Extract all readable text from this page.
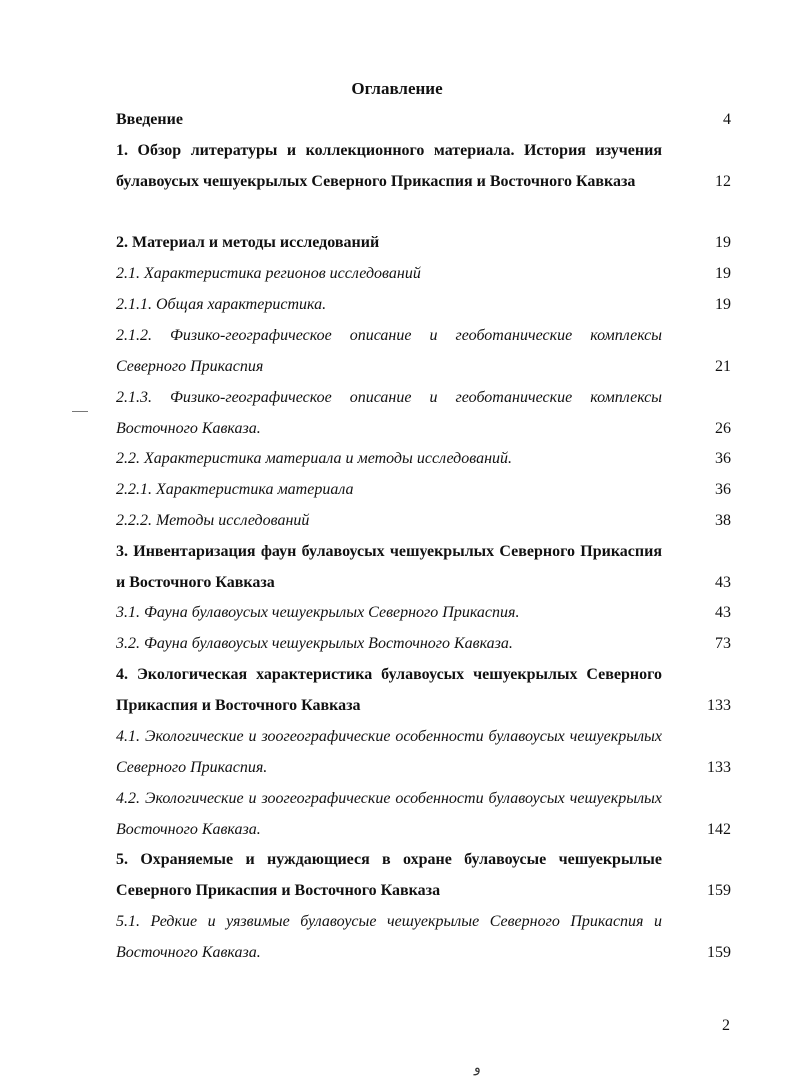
Оглавление
Введение	4
1. Обзор литературы и коллекционного материала. История изучения булавоусых чешуекрылых Северного Прикаспия и Восточного Кавказа	12
2. Материал и методы исследований	19
2.1. Характеристика регионов исследований	19
2.1.1. Общая характеристика.	19
2.1.2. Физико-географическое описание и геоботанические комплексы Северного Прикаспия	21
2.1.3. Физико-географическое описание и геоботанические комплексы Восточного Кавказа.	26
2.2. Характеристика материала и методы исследований.	36
2.2.1. Характеристика материала	36
2.2.2. Методы исследований	38
3. Инвентаризация фаун булавоусых чешуекрылых Северного Прикаспия и Восточного Кавказа	43
3.1. Фауна булавоусых чешуекрылых Северного Прикаспия.	43
3.2. Фауна булавоусых чешуекрылых Восточного Кавказа.	73
4. Экологическая характеристика булавоусых чешуекрылых Северного Прикаспия и Восточного Кавказа	133
4.1. Экологические и зоогеографические особенности булавоусых чешуекрылых Северного Прикаспия.	133
4.2. Экологические и зоогеографические особенности булавоусых чешуекрылых Восточного Кавказа.	142
5. Охраняемые и нуждающиеся в охране булавоусые чешуекрылые Северного Прикаспия и Восточного Кавказа	159
5.1. Редкие и уязвимые булавоусые чешуекрылые Северного Прикаспия и Восточного Кавказа.	159
2
ﻭ
